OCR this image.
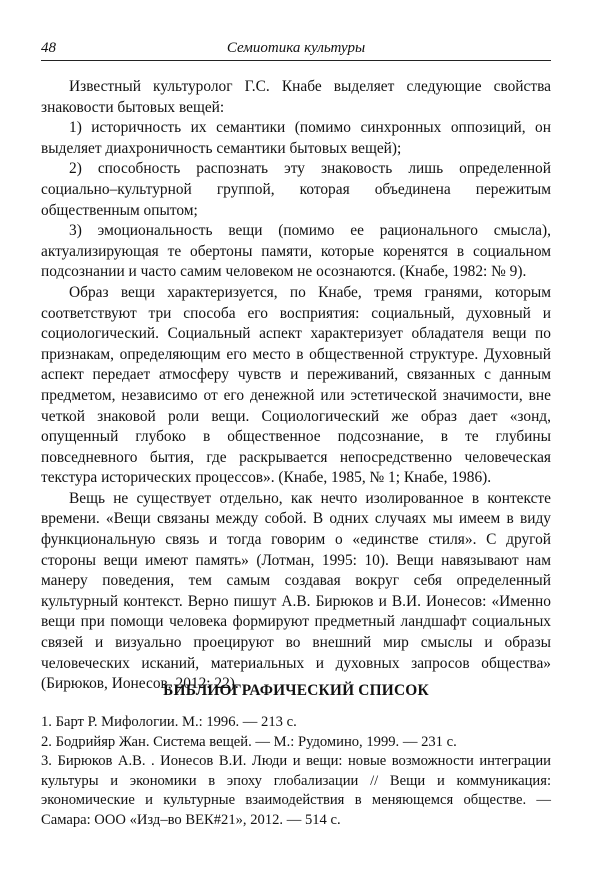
48	Семиотика культуры

Известный культуролог Г.С. Кнабе выделяет следующие свойства знаковости бытовых вещей:

1) историчность их семантики (помимо синхронных оппозиций, он выделяет диахроничность семантики бытовых вещей);

2) способность распознать эту знаковость лишь определенной социально–культурной группой, которая объединена пережитым общественным опытом;

3) эмоциональность вещи (помимо ее рационального смысла), актуализирующая те обертоны памяти, которые коренятся в социальном подсознании и часто самим человеком не осознаются. (Кнабе, 1982: № 9).

Образ вещи характеризуется, по Кнабе, тремя гранями, которым соответствуют три способа его восприятия: социальный, духовный и социологический. Социальный аспект характеризует обладателя вещи по признакам, определяющим его место в общественной структуре. Духовный аспект передает атмосферу чувств и переживаний, связанных с данным предметом, независимо от его денежной или эстетической значимости, вне четкой знаковой роли вещи. Социологический же образ дает «зонд, опущенный глубоко в общественное подсознание, в те глубины повседневного бытия, где раскрывается непосредственно человеческая текстура исторических процессов». (Кнабе, 1985, № 1; Кнабе, 1986).

Вещь не существует отдельно, как нечто изолированное в контексте времени. «Вещи связаны между собой. В одних случаях мы имеем в виду функциональную связь и тогда говорим о «единстве стиля». С другой стороны вещи имеют память» (Лотман, 1995: 10). Вещи навязывают нам манеру поведения, тем самым создавая вокруг себя определенный культурный контекст. Верно пишут А.В. Бирюков и В.И. Ионесов: «Именно вещи при помощи человека формируют предметный ландшафт социальных связей и визуально проецируют во внешний мир смыслы и образы человеческих исканий, материальных и духовных запросов общества» (Бирюков, Ионесов, 2012: 22).

БИБЛИОГРАФИЧЕСКИЙ СПИСОК
1. Барт Р. Мифологии. М.: 1996. — 213 с.
2. Бодрийяр Жан. Система вещей. — М.: Рудомино, 1999. — 231 с.
3. Бирюков А.В. . Ионесов В.И. Люди и вещи: новые возможности интеграции культуры и экономики в эпоху глобализации // Вещи и коммуникация: экономические и культурные взаимодействия в меняющемся обществе. — Самара: ООО «Изд–во ВЕК#21», 2012. — 514 с.
